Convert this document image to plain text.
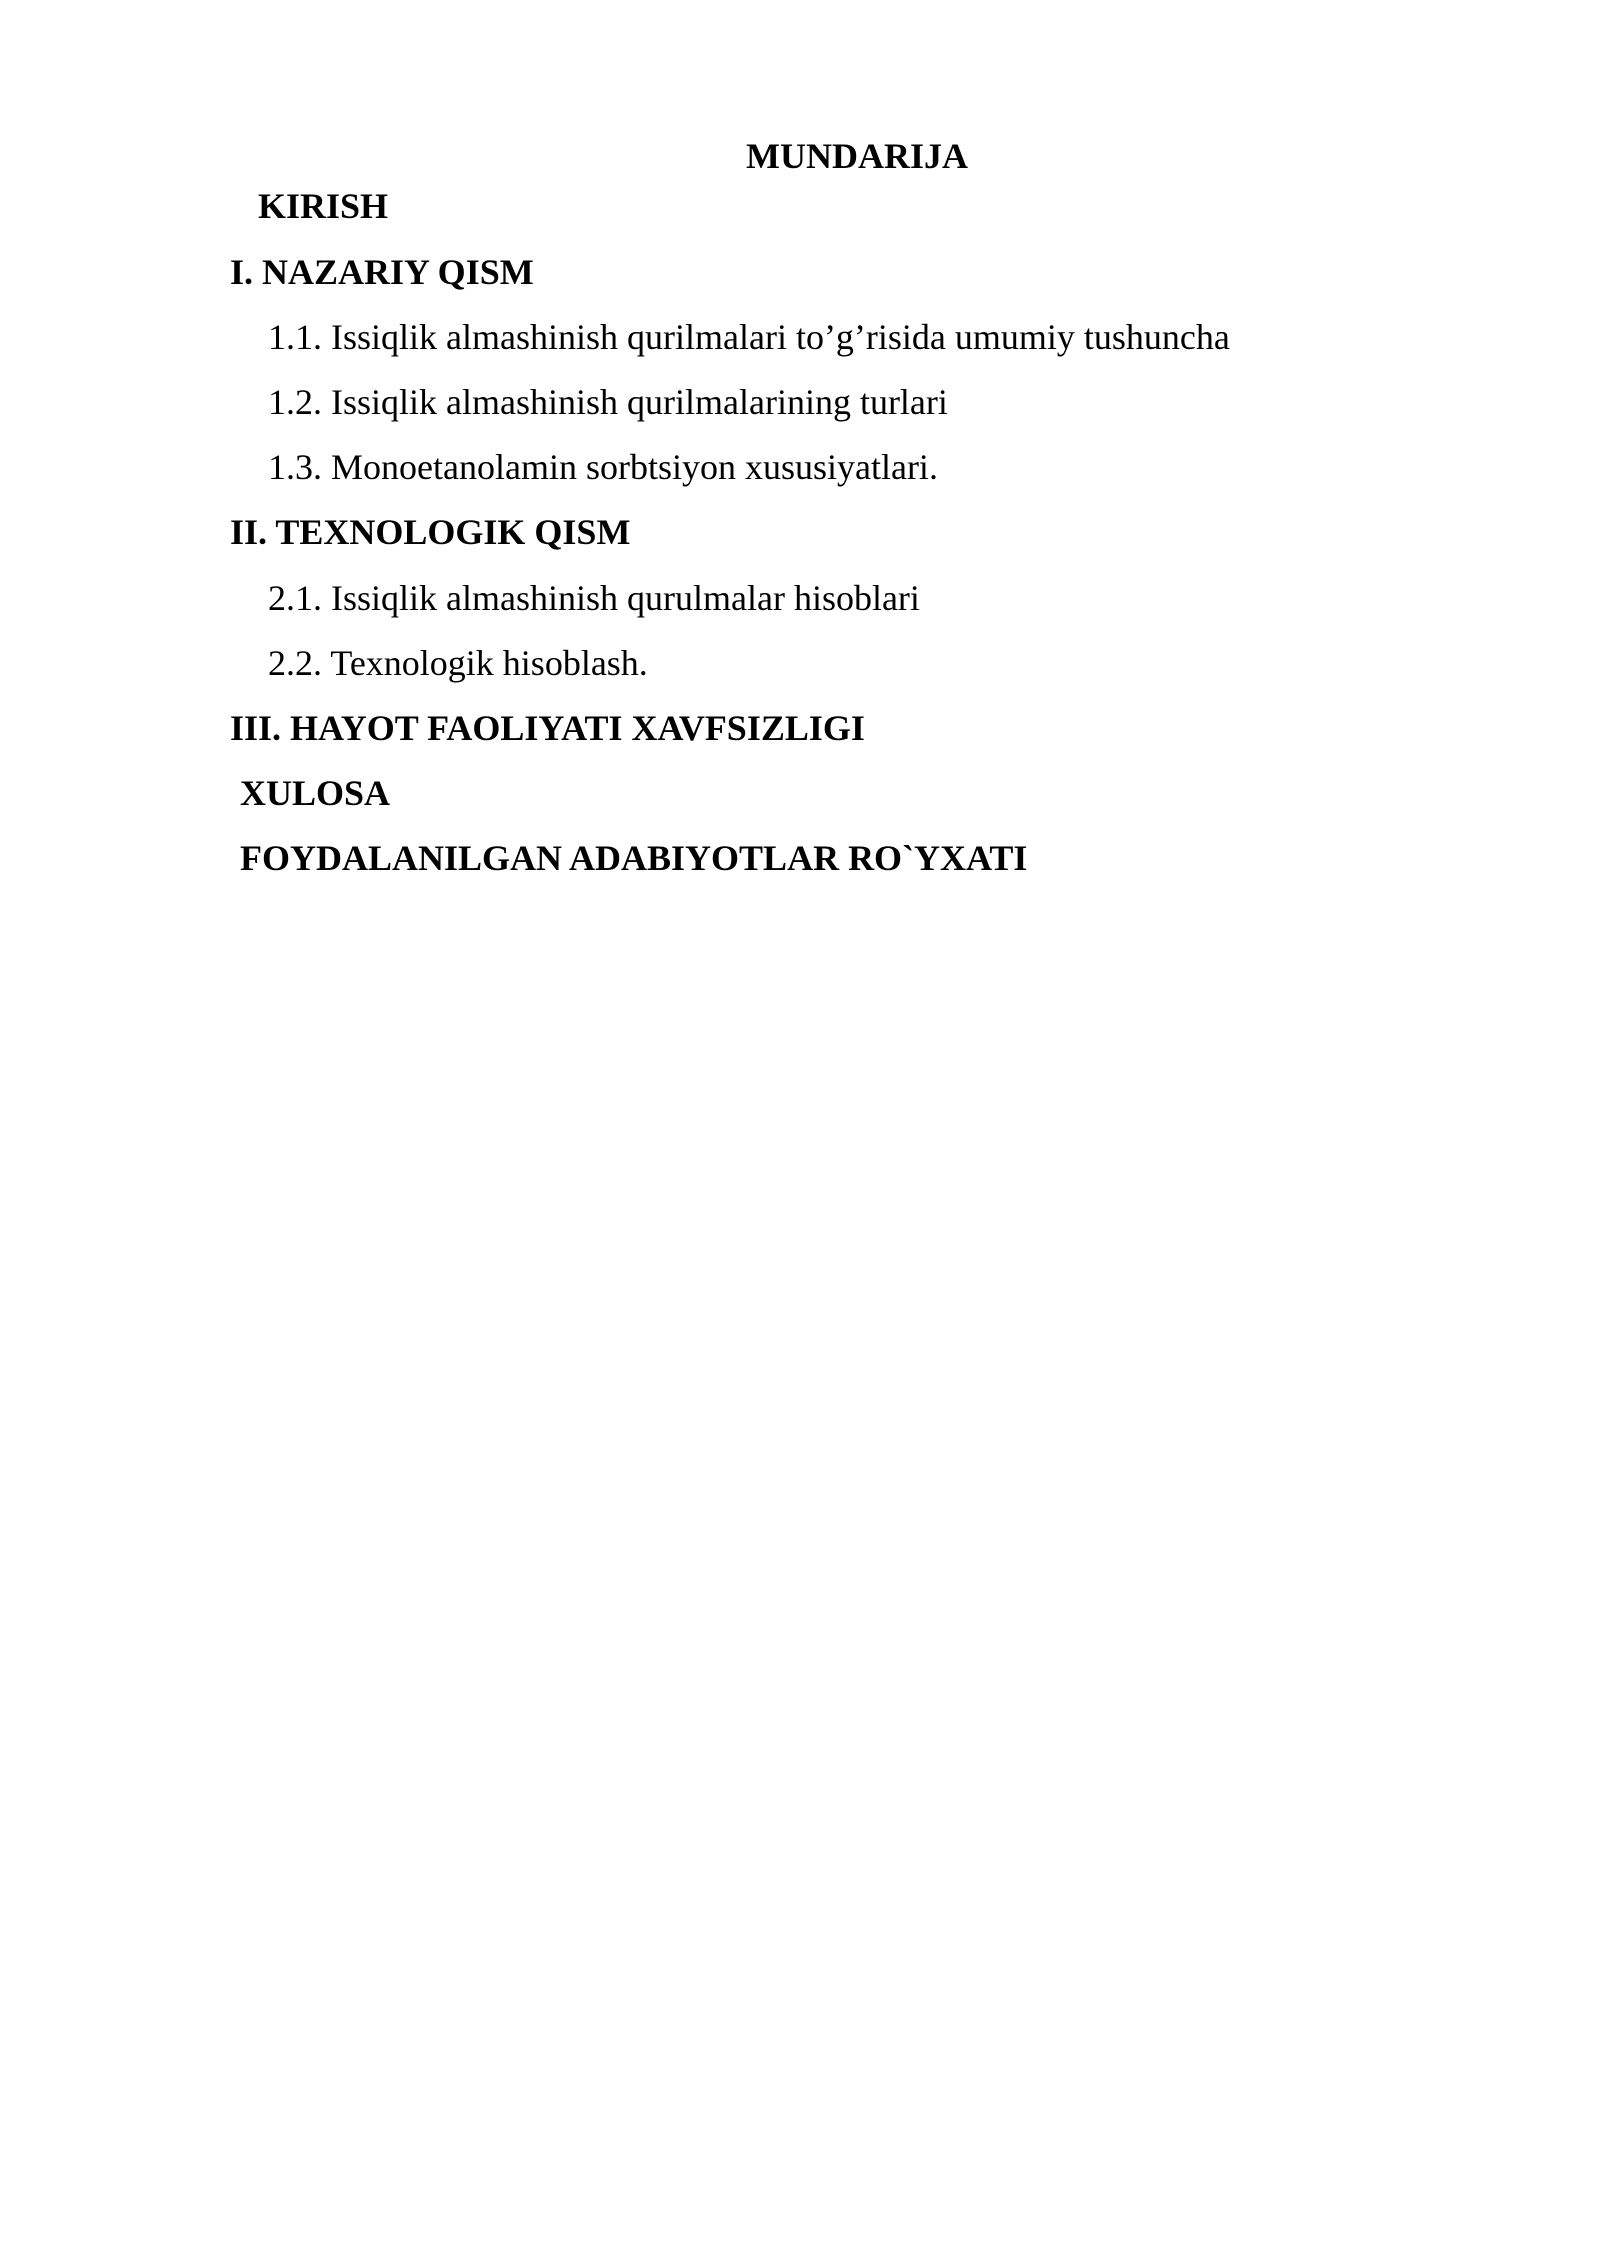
MUNDARIJA
KIRISH
I. NAZARIY QISM
1.1. Issiqlik almashinish qurilmalari to’g’risida umumiy tushuncha
1.2. Issiqlik almashinish qurilmalarining turlari
1.3. Monoetanolamin sorbtsiyon xususiyatlari.
II. TEXNOLOGIK QISM
2.1. Issiqlik almashinish qurulmalar hisoblari
2.2. Texnologik hisoblash.
III. HAYOT FAOLIYATI XAVFSIZLIGI
XULOSA
FOYDALANILGAN ADABIYOTLAR RO`YXATI
